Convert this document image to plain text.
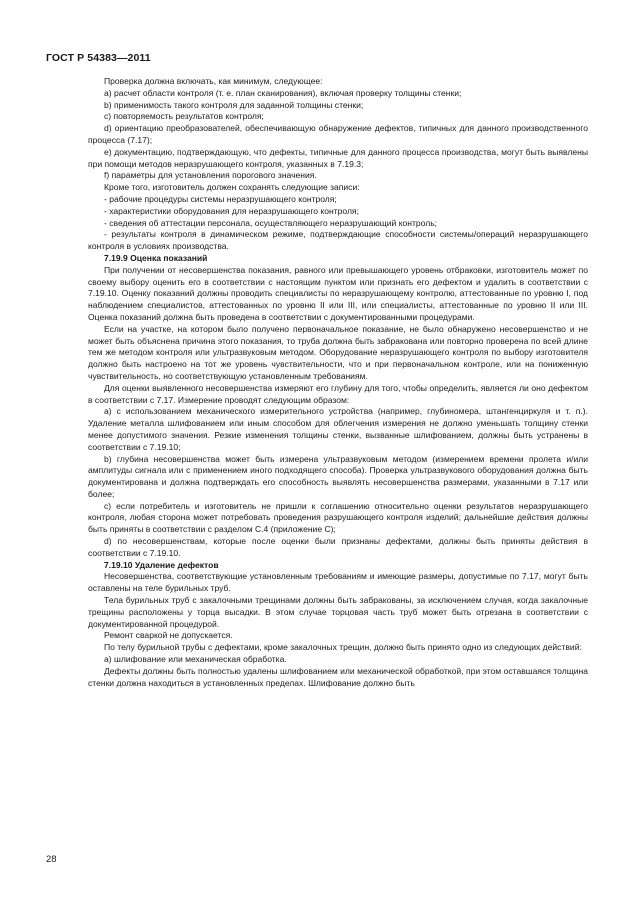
ГОСТ Р 54383—2011

Проверка должна включать, как минимум, следующее:

a) расчет области контроля (т. е. план сканирования), включая проверку толщины стенки;

b) применимость такого контроля для заданной толщины стенки;

c) повторяемость результатов контроля;

d) ориентацию преобразователей, обеспечивающую обнаружение дефектов, типичных для данного производственного процесса (7.17);

e) документацию, подтверждающую, что дефекты, типичные для данного процесса производства, могут быть выявлены при помощи методов неразрушающего контроля, указанных в 7.19.3;

f) параметры для установления порогового значения.

Кроме того, изготовитель должен сохранять следующие записи:

- рабочие процедуры системы неразрушающего контроля;

- характеристики оборудования для неразрушающего контроля;

- сведения об аттестации персонала, осуществляющего неразрушающий контроль;

- результаты контроля в динамическом режиме, подтверждающие способности системы/операций неразрушающего контроля в условиях производства.

7.19.9 Оценка показаний

При получении от несовершенства показания, равного или превышающего уровень отбраковки, изготовитель может по своему выбору оценить его в соответствии с настоящим пунктом или признать его дефектом и удалить в соответствии с 7.19.10. Оценку показаний должны проводить специалисты по неразрушающему контролю, аттестованные по уровню I, под наблюдением специалистов, аттестованных по уровню II или III, или специалисты, аттестованные по уровню II или III. Оценка показаний должна быть проведена в соответствии с документированными процедурами.

Если на участке, на котором было получено первоначальное показание, не было обнаружено несовершенство и не может быть объяснена причина этого показания, то труба должна быть забракована или повторно проверена по всей длине тем же методом контроля или ультразвуковым методом. Оборудование неразрушающего контроля по выбору изготовителя должно быть настроено на тот же уровень чувствительности, что и при первоначальном контроле, или на пониженную чувствительность, но соответствующую установленным требованиям.

Для оценки выявленного несовершенства измеряют его глубину для того, чтобы определить, является ли оно дефектом в соответствии с 7.17. Измерение проводят следующим образом:

a) с использованием механического измерительного устройства (например, глубиномера, штангенциркуля и т. п.). Удаление металла шлифованием или иным способом для облегчения измерения не должно уменьшать толщину стенки менее допустимого значения. Резкие изменения толщины стенки, вызванные шлифованием, должны быть устранены в соответствии с 7.19.10;

b) глубина несовершенства может быть измерена ультразвуковым методом (измерением времени пролета и/или амплитуды сигнала или с применением иного подходящего способа). Проверка ультразвукового оборудования должна быть документирована и должна подтверждать его способность выявлять несовершенства размерами, указанными в 7.17 или более;

c) если потребитель и изготовитель не пришли к соглашению относительно оценки результатов неразрушающего контроля, любая сторона может потребовать проведения разрушающего контроля изделий; дальнейшие действия должны быть приняты в соответствии с разделом С.4 (приложение С);

d) по несовершенствам, которые после оценки были признаны дефектами, должны быть приняты действия в соответствии с 7.19.10.

7.19.10 Удаление дефектов

Несовершенства, соответствующие установленным требованиям и имеющие размеры, допустимые по 7.17, могут быть оставлены на теле бурильных труб.

Тела бурильных труб с закалочными трещинами должны быть забракованы, за исключением случая, когда закалочные трещины расположены у торца высадки. В этом случае торцовая часть труб может быть отрезана в соответствии с документированной процедурой.

Ремонт сваркой не допускается.

По телу бурильной трубы с дефектами, кроме закалочных трещин, должно быть принято одно из следующих действий:

a) шлифование или механическая обработка.

Дефекты должны быть полностью удалены шлифованием или механической обработкой, при этом оставшаяся толщина стенки должна находиться в установленных пределах. Шлифование должно быть

28
